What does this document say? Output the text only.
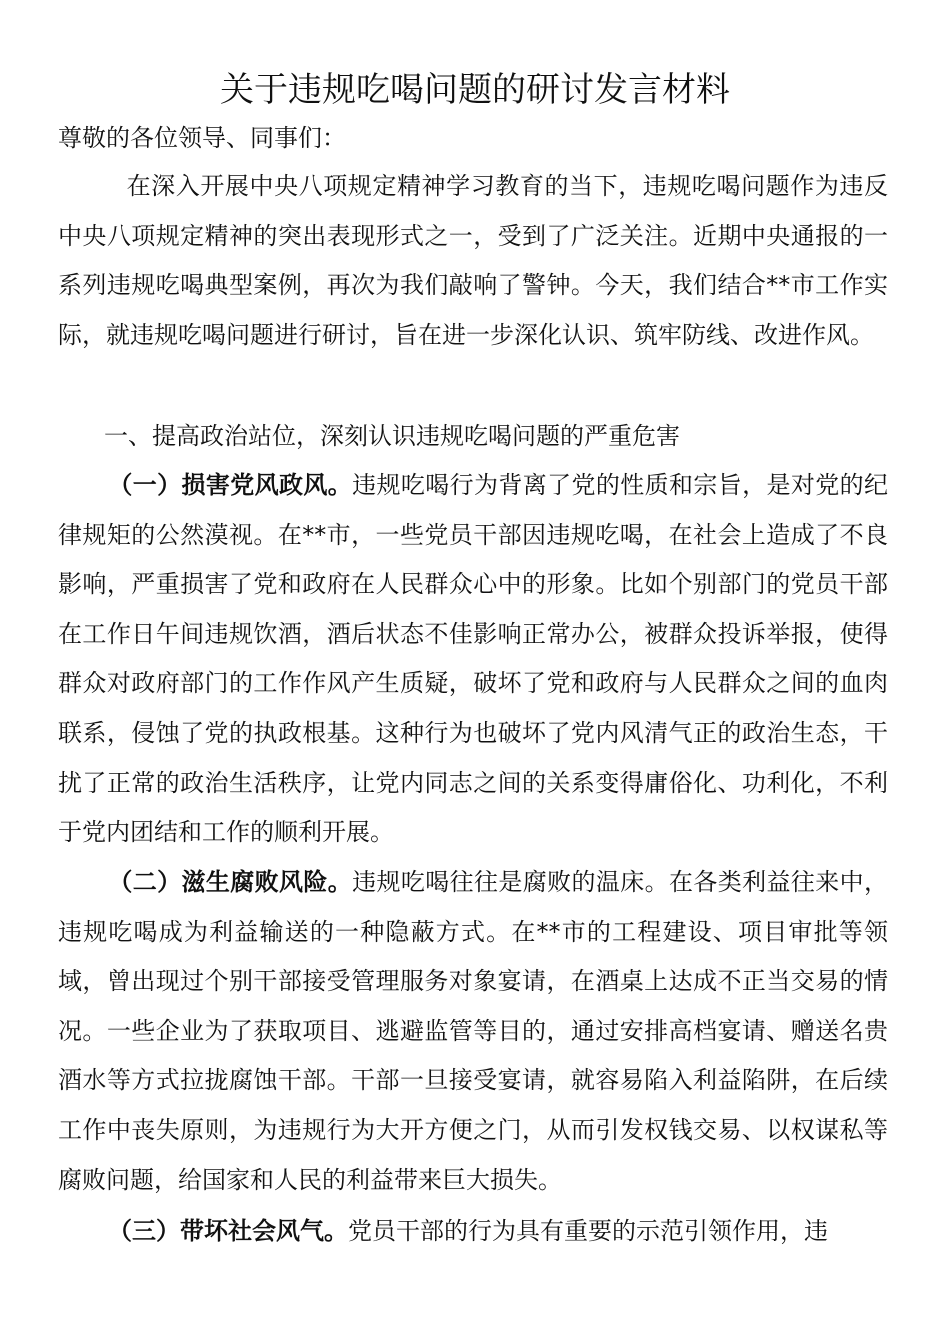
关于违规吃喝问题的研讨发言材料
尊敬的各位领导、同事们：
在深入开展中央八项规定精神学习教育的当下，违规吃喝问题作为违反中央八项规定精神的突出表现形式之一，受到了广泛关注。近期中央通报的一系列违规吃喝典型案例，再次为我们敲响了警钟。今天，我们结合**市工作实际，就违规吃喝问题进行研讨，旨在进一步深化认识、筑牢防线、改进作风。
一、提高政治站位，深刻认识违规吃喝问题的严重危害
（一）损害党风政风。违规吃喝行为背离了党的性质和宗旨，是对党的纪律规矩的公然漠视。在**市，一些党员干部因违规吃喝，在社会上造成了不良影响，严重损害了党和政府在人民群众心中的形象。比如个别部门的党员干部在工作日午间违规饮酒，酒后状态不佳影响正常办公，被群众投诉举报，使得群众对政府部门的工作作风产生质疑，破坏了党和政府与人民群众之间的血肉联系，侵蚀了党的执政根基。这种行为也破坏了党内风清气正的政治生态，干扰了正常的政治生活秩序，让党内同志之间的关系变得庸俗化、功利化，不利于党内团结和工作的顺利开展。
（二）滋生腐败风险。违规吃喝往往是腐败的温床。在各类利益往来中，违规吃喝成为利益输送的一种隐蔽方式。在**市的工程建设、项目审批等领域，曾出现过个别干部接受管理服务对象宴请，在酒桌上达成不正当交易的情况。一些企业为了获取项目、逃避监管等目的，通过安排高档宴请、赠送名贵酒水等方式拉拢腐蚀干部。干部一旦接受宴请，就容易陷入利益陷阱，在后续工作中丧失原则，为违规行为大开方便之门，从而引发权钱交易、以权谋私等腐败问题，给国家和人民的利益带来巨大损失。
（三）带坏社会风气。党员干部的行为具有重要的示范引领作用，违
